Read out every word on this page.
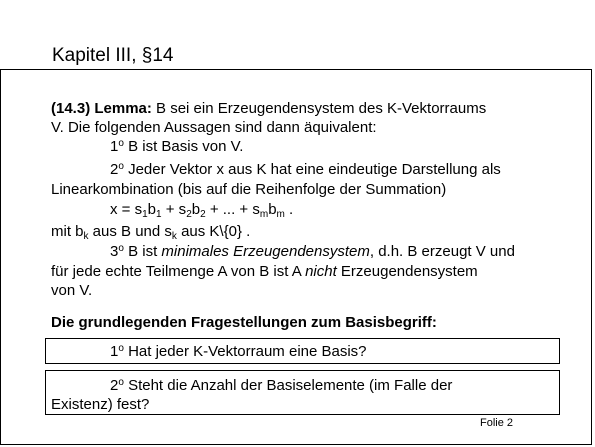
Kapitel III, §14
(14.3) Lemma: B sei ein Erzeugendensystem des K-Vektorraums
V. Die folgenden Aussagen sind dann äquivalent:
1$^o$ B ist Basis von V.
2$^o$ Jeder Vektor x aus K hat eine eindeutige Darstellung als
Linearkombination (bis auf die Reihenfolge der Summation)
$x = s_1b_1 + s_2b_2$ + ... + $s_mb_m$ .
mit $b_k$ aus B und $s_k$ aus K\{0} .
3$^o$ B ist minimales Erzeugendensystem, d.h. B erzeugt V und
für jede echte Teilmenge A von B ist A nicht Erzeugendensystem
von V.
Die grundlegenden Fragestellungen zum Basisbegriff:
1$^o$ Hat jeder K-Vektorraum eine Basis?
2$^o$ Steht die Anzahl der Basiselemente (im Falle der
Existenz) fest?
Folie 2
